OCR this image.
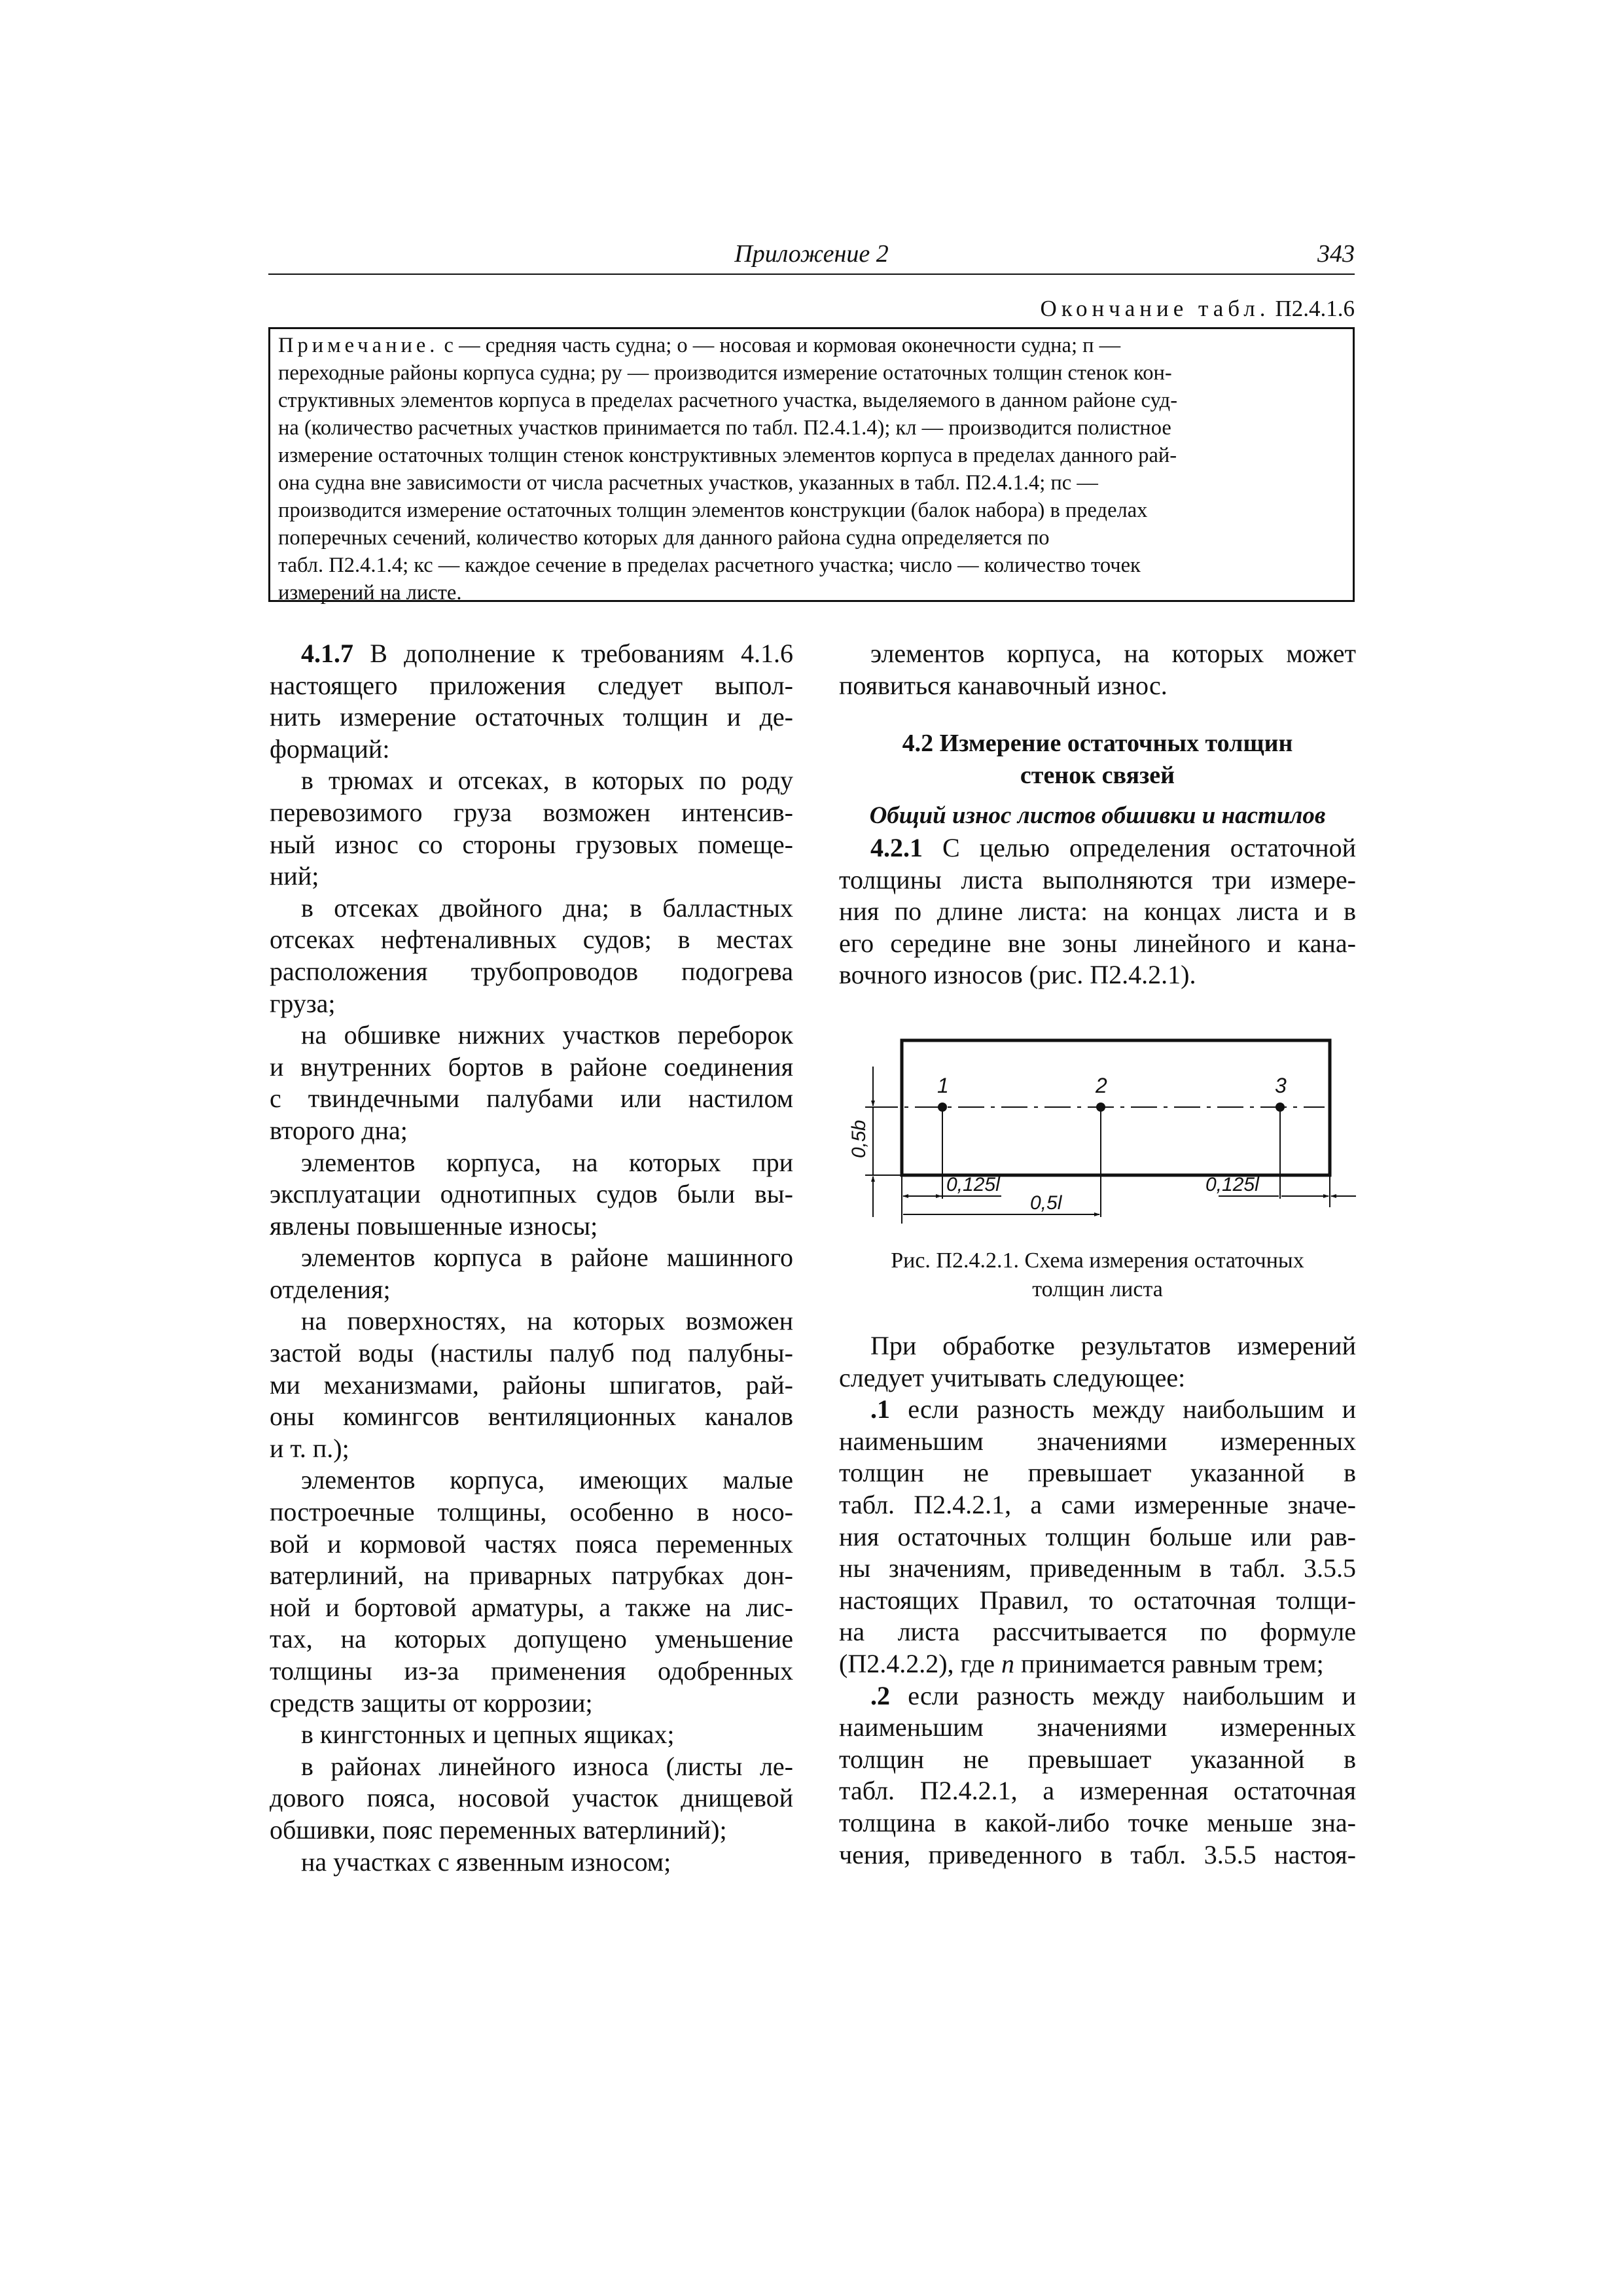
Приложение 2	343
Окончание табл. П2.4.1.6
Примечание. с — средняя часть судна; о — носовая и кормовая оконечности судна; п —
переходные районы корпуса судна; ру — производится измерение остаточных толщин стенок кон-
структивных элементов корпуса в пределах расчетного участка, выделяемого в данном районе суд-
на (количество расчетных участков принимается по табл. П2.4.1.4); кл — производится полистное
измерение остаточных толщин стенок конструктивных элементов корпуса в пределах данного рай-
она судна вне зависимости от числа расчетных участков, указанных в табл. П2.4.1.4; пс —
производится измерение остаточных толщин элементов конструкции (балок набора) в пределах
поперечных сечений, количество которых для данного района судна определяется по
табл. П2.4.1.4; кс — каждое сечение в пределах расчетного участка; число — количество точек
измерений на листе.
4.1.7 В дополнение к требованиям 4.1.6
настоящего приложения следует выпол-
нить измерение остаточных толщин и де-
формаций:
в трюмах и отсеках, в которых по роду
перевозимого груза возможен интенсив-
ный износ со стороны грузовых помеще-
ний;
в отсеках двойного дна; в балластных
отсеках нефтеналивных судов; в местах
расположения трубопроводов подогрева
груза;
на обшивке нижних участков переборок
и внутренних бортов в районе соединения
с твиндечными палубами или настилом
второго дна;
элементов корпуса, на которых при
эксплуатации однотипных судов были вы-
явлены повышенные износы;
элементов корпуса в районе машинного
отделения;
на поверхностях, на которых возможен
застой воды (настилы палуб под палубны-
ми механизмами, районы шпигатов, рай-
оны комингсов вентиляционных каналов
и т. п.);
элементов корпуса, имеющих малые
построечные толщины, особенно в носо-
вой и кормовой частях пояса переменных
ватерлиний, на приварных патрубках дон-
ной и бортовой арматуры, а также на лис-
тах, на которых допущено уменьшение
толщины из-за применения одобренных
средств защиты от коррозии;
в кингстонных и цепных ящиках;
в районах линейного износа (листы ле-
дового пояса, носовой участок днищевой
обшивки, пояс переменных ватерлиний);
на участках с язвенным износом;
элементов корпуса, на которых может
появиться канавочный износ.
4.2 Измерение остаточных толщин
стенок связей
Общий износ листов обшивки и настилов
4.2.1 С целью определения остаточной
толщины листа выполняются три измере-
ния по длине листа: на концах листа и в
его середине вне зоны линейного и кана-
вочного износов (рис. П2.4.2.1).
1	2	3
0,5b
0,125l
0,5l
0,125l
Рис. П2.4.2.1. Схема измерения остаточных
толщин листа
При обработке результатов измерений
следует учитывать следующее:
.1 если разность между наибольшим и
наименьшим значениями измеренных
толщин не превышает указанной в
табл. П2.4.2.1, а сами измеренные значе-
ния остаточных толщин больше или рав-
ны значениям, приведенным в табл. 3.5.5
настоящих Правил, то остаточная толщи-
на листа рассчитывается по формуле
(П2.4.2.2), где n принимается равным трем;
.2 если разность между наибольшим и
наименьшим значениями измеренных
толщин не превышает указанной в
табл. П2.4.2.1, а измеренная остаточная
толщина в какой-либо точке меньше зна-
чения, приведенного в табл. 3.5.5 настоя-
